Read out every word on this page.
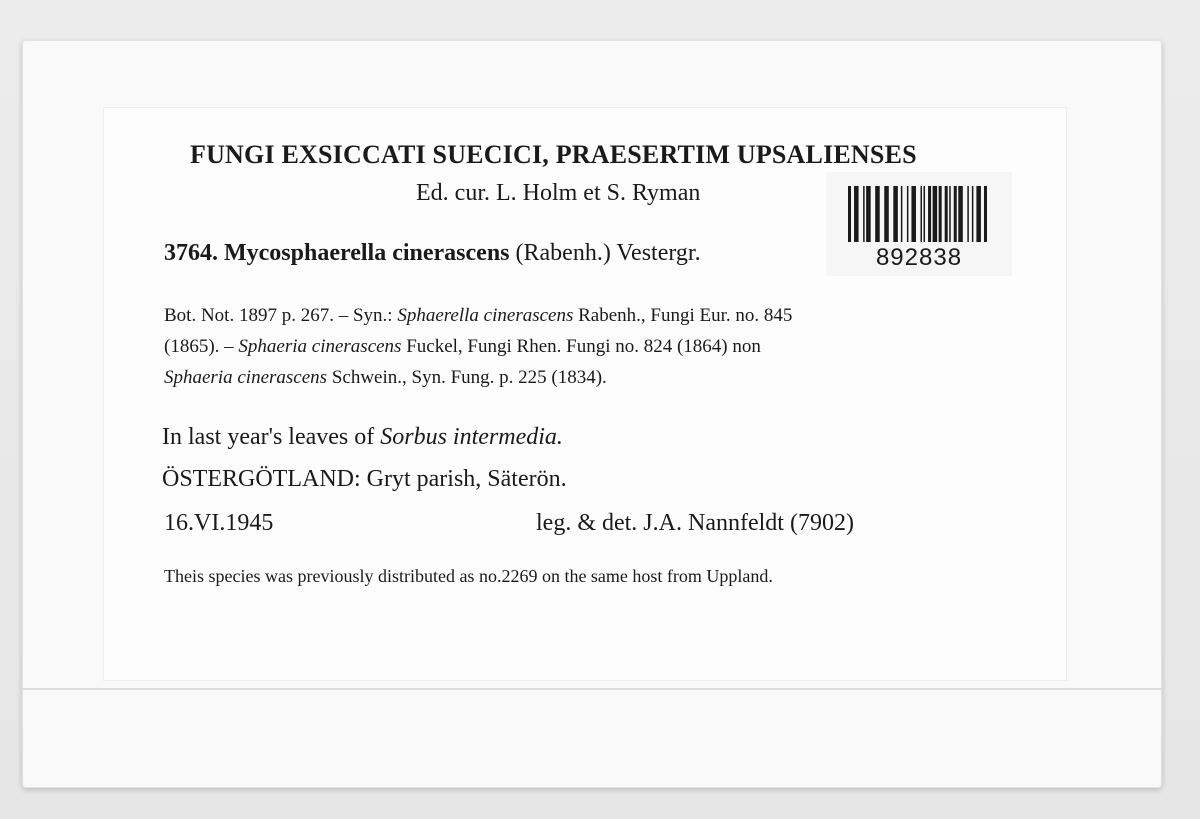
FUNGI EXSICCATI SUECICI, PRAESERTIM UPSALIENSES
Ed. cur. L. Holm et S. Ryman
3764. Mycosphaerella cinerascens (Rabenh.) Vestergr.
Bot. Not. 1897 p. 267. – Syn.: Sphaerella cinerascens Rabenh., Fungi Eur. no. 845
(1865). – Sphaeria cinerascens Fuckel, Fungi Rhen. Fungi no. 824 (1864) non
Sphaeria cinerascens Schwein., Syn. Fung. p. 225 (1834).
In last year's leaves of Sorbus intermedia.
ÖSTERGÖTLAND: Gryt parish, Säterön.
16.VI.1945	leg. & det. J.A. Nannfeldt (7902)
Theis species was previously distributed as no.2269 on the same host from Uppland.
892838
